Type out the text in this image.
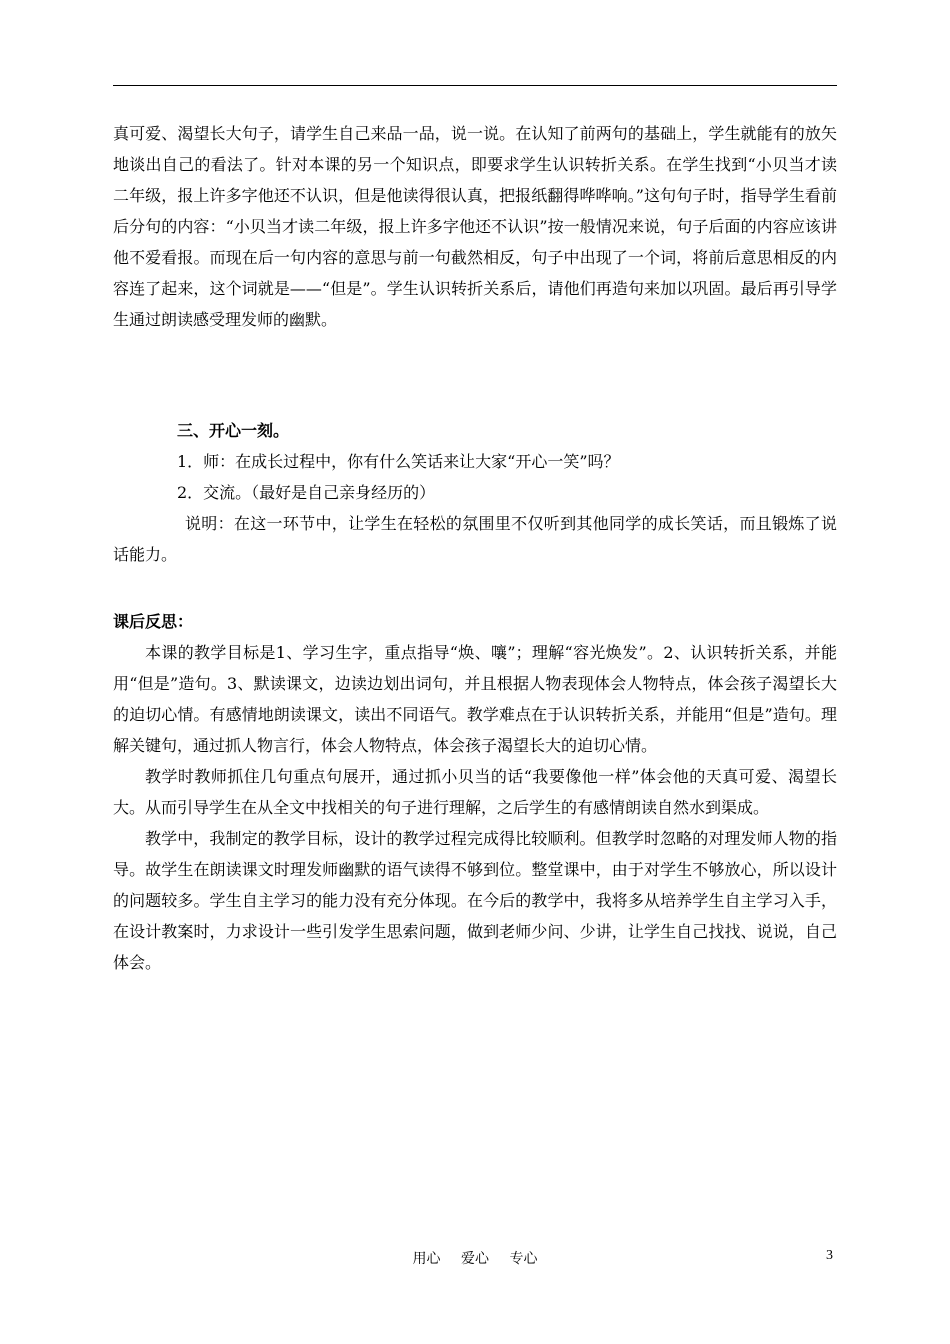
真可爱、渴望长大句子，请学生自己来品一品，说一说。在认知了前两句的基础上，学生就能有的放矢地谈出自己的看法了。针对本课的另一个知识点，即要求学生认识转折关系。在学生找到“小贝当才读二年级，报上许多字他还不认识，但是他读得很认真，把报纸翻得哗哗响。”这句句子时，指导学生看前后分句的内容：“小贝当才读二年级，报上许多字他还不认识”按一般情况来说，句子后面的内容应该讲他不爱看报。而现在后一句内容的意思与前一句截然相反，句子中出现了一个词，将前后意思相反的内容连了起来，这个词就是——“但是”。学生认识转折关系后，请他们再造句来加以巩固。最后再引导学生通过朗读感受理发师的幽默。

三、开心一刻。

1．师：在成长过程中，你有什么笑话来让大家“开心一笑”吗？

2．交流。（最好是自己亲身经历的）

说明：在这一环节中，让学生在轻松的氛围里不仅听到其他同学的成长笑话，而且锻炼了说话能力。

课后反思：

本课的教学目标是1、学习生字，重点指导“焕、嚷”；理解“容光焕发”。2、认识转折关系，并能用“但是”造句。3、默读课文，边读边划出词句，并且根据人物表现体会人物特点，体会孩子渴望长大的迫切心情。有感情地朗读课文，读出不同语气。教学难点在于认识转折关系，并能用“但是”造句。理解关键句，通过抓人物言行，体会人物特点，体会孩子渴望长大的迫切心情。

教学时教师抓住几句重点句展开，通过抓小贝当的话“我要像他一样”体会他的天真可爱、渴望长大。从而引导学生在从全文中找相关的句子进行理解，之后学生的有感情朗读自然水到渠成。

教学中，我制定的教学目标，设计的教学过程完成得比较顺利。但教学时忽略的对理发师人物的指导。故学生在朗读课文时理发师幽默的语气读得不够到位。整堂课中，由于对学生不够放心，所以设计的问题较多。学生自主学习的能力没有充分体现。在今后的教学中，我将多从培养学生自主学习入手，在设计教案时，力求设计一些引发学生思索问题，做到老师少问、少讲，让学生自己找找、说说，自己体会。

用心 爱心 专心	3
